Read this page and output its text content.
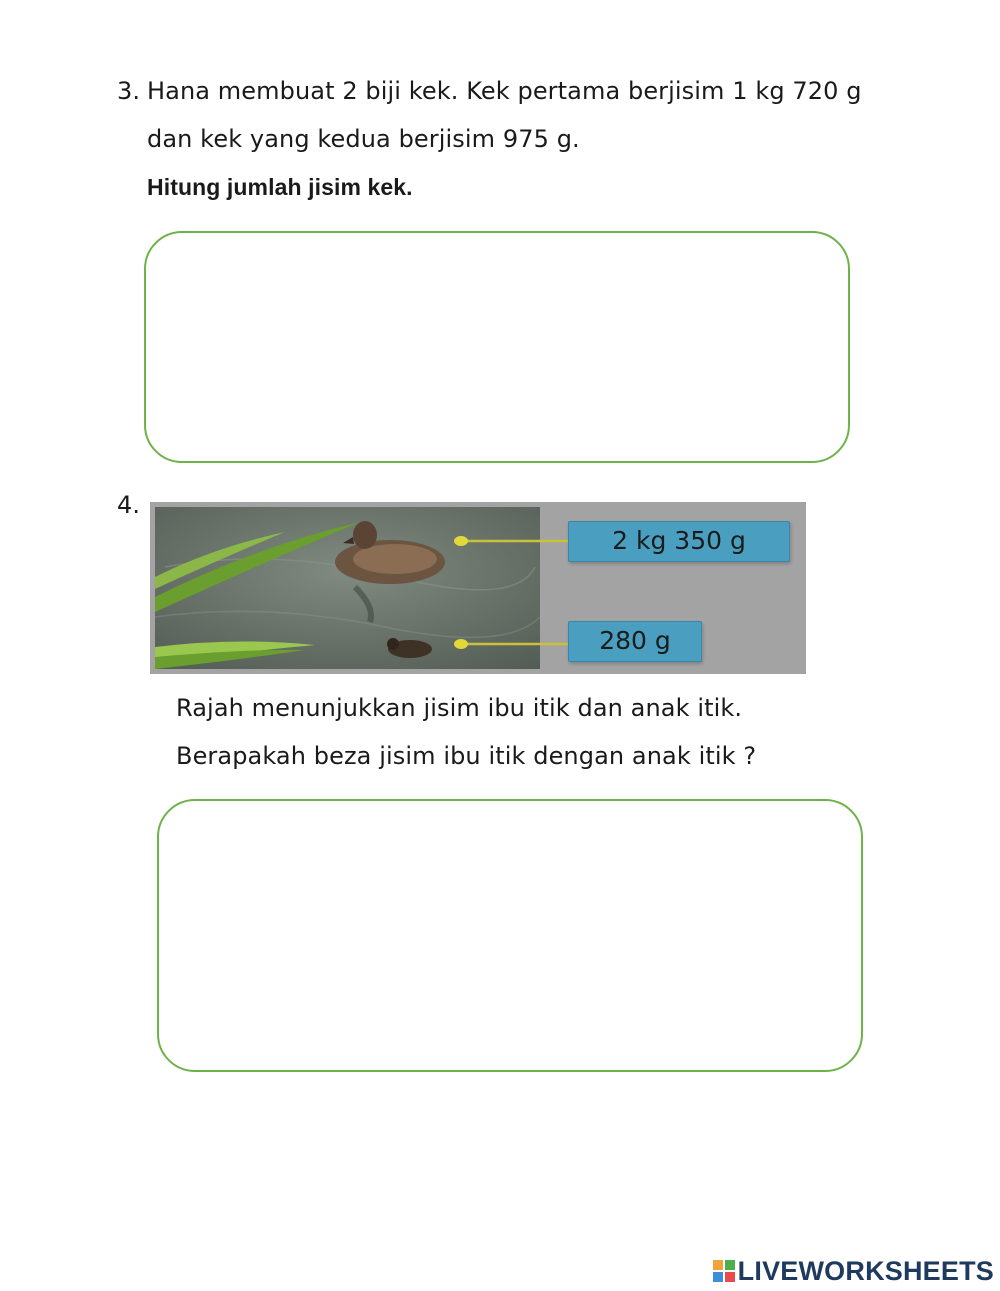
3. Hana membuat 2 biji kek. Kek pertama berjisim 1 kg 720 g
dan kek yang kedua berjisim 975 g.
Hitung jumlah jisim kek.
4.
2 kg 350 g
280 g
Rajah menunjukkan jisim ibu itik dan anak itik.
Berapakah beza jisim ibu itik dengan anak itik ?
LIVEWORKSHEETS
